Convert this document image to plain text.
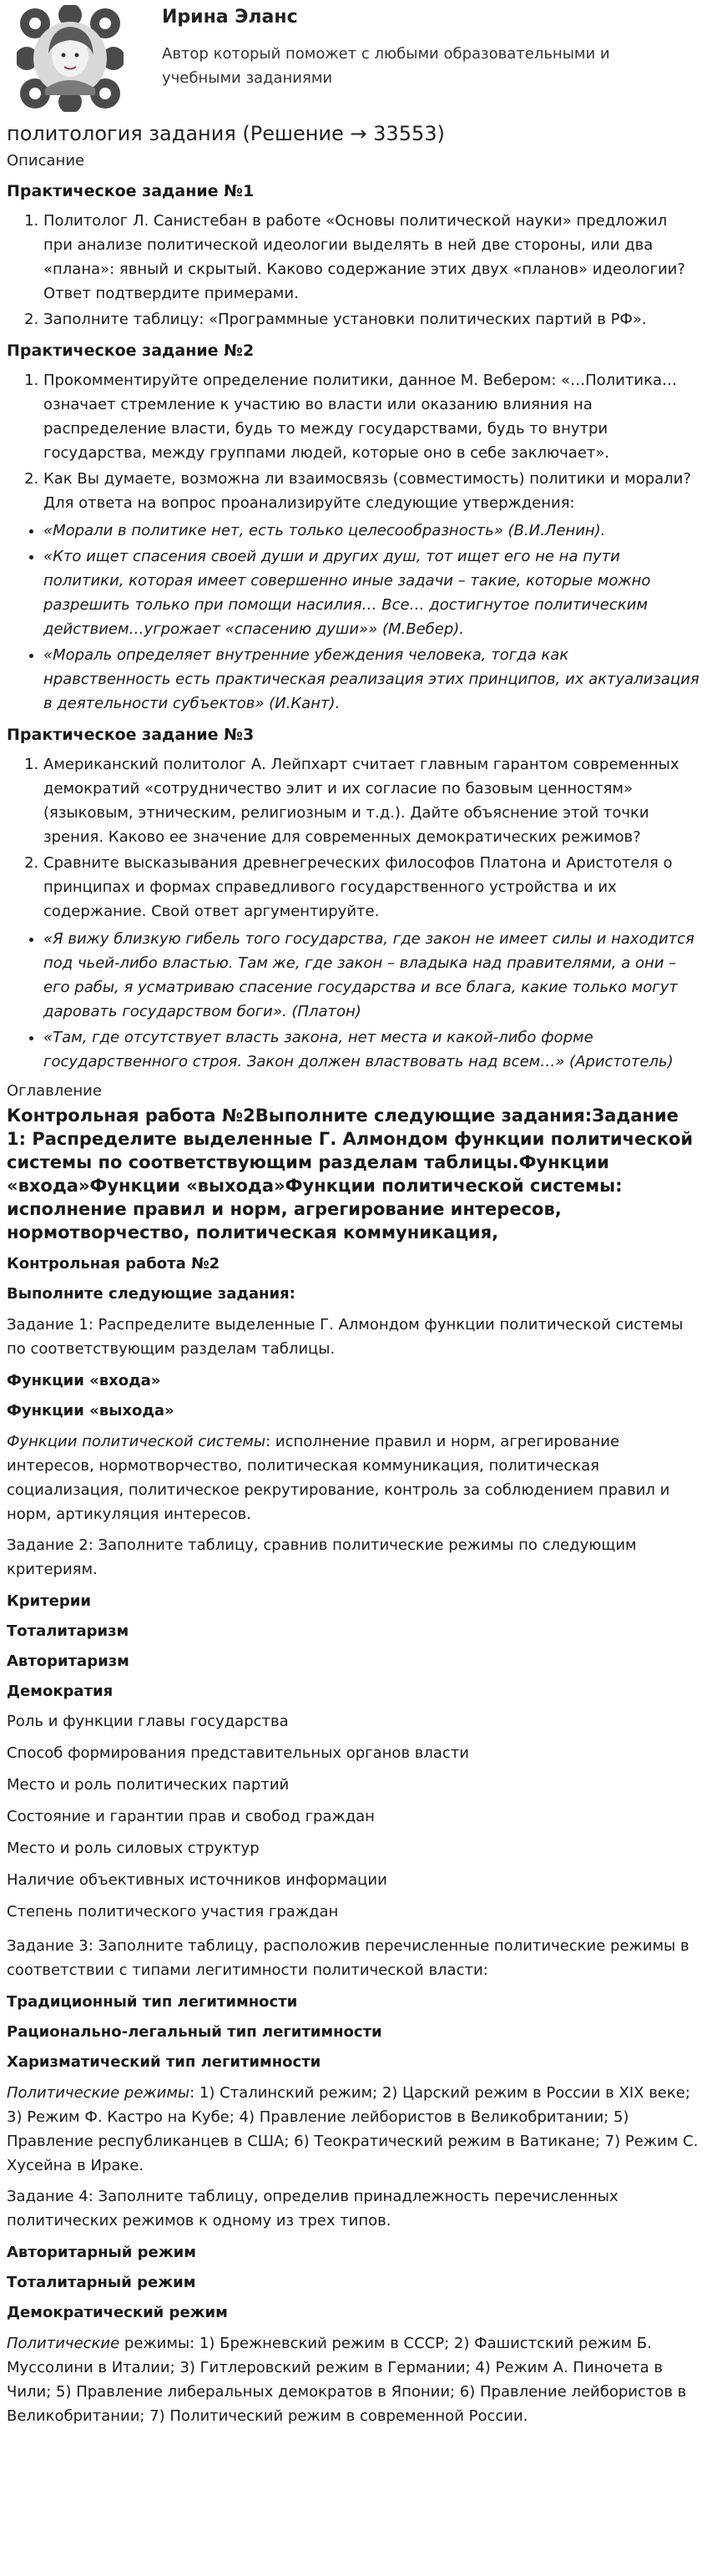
Ирина Эланс
Автор который поможет с любыми образовательными и учебными заданиями
политология задания (Решение → 33553)
Описание
Практическое задание №1
1. Политолог Л. Санистебан в работе «Основы политической науки» предложил при анализе политической идеологии выделять в ней две стороны, или два «плана»: явный и скрытый. Каково содержание этих двух «планов» идеологии? Ответ подтвердите примерами.
2. Заполните таблицу: «Программные установки политических партий в РФ».
Практическое задание №2
1. Прокомментируйте определение политики, данное М. Вебером: «…Политика… означает стремление к участию во власти или оказанию влияния на распределение власти, будь то между государствами, будь то внутри государства, между группами людей, которые оно в себе заключает».
2. Как Вы думаете, возможна ли взаимосвязь (совместимость) политики и морали? Для ответа на вопрос проанализируйте следующие утверждения:
• «Морали в политике нет, есть только целесообразность» (В.И.Ленин).
• «Кто ищет спасения своей души и других душ, тот ищет его не на пути политики, которая имеет совершенно иные задачи – такие, которые можно разрешить только при помощи насилия… Все… достигнутое политическим действием…угрожает «спасению души»» (М.Вебер).
• «Мораль определяет внутренние убеждения человека, тогда как нравственность есть практическая реализация этих принципов, их актуализация в деятельности субъектов» (И.Кант).
Практическое задание №3
1. Американский политолог А. Лейпхарт считает главным гарантом современных демократий «сотрудничество элит и их согласие по базовым ценностям» (языковым, этническим, религиозным и т.д.). Дайте объяснение этой точки зрения. Каково ее значение для современных демократических режимов?
2. Сравните высказывания древнегреческих философов Платона и Аристотеля о принципах и формах справедливого государственного устройства и их содержание. Свой ответ аргументируйте.
• «Я вижу близкую гибель того государства, где закон не имеет силы и находится под чьей-либо властью. Там же, где закон – владыка над правителями, а они – его рабы, я усматриваю спасение государства и все блага, какие только могут даровать государством боги». (Платон)
• «Там, где отсутствует власть закона, нет места и какой-либо форме государственного строя. Закон должен властвовать над всем…» (Аристотель)
Оглавление
Контрольная работа №2Выполните следующие задания:Задание 1: Распределите выделенные Г. Алмондом функции политической системы по соответствующим разделам таблицы.Функции «входа»Функции «выхода»Функции политической системы: исполнение правил и норм, агрегирование интересов, нормотворчество, политическая коммуникация,
Контрольная работа №2
Выполните следующие задания:

Задание 1: Распределите выделенные Г. Алмондом функции политической системы по соответствующим разделам таблицы.

Функции «входа»
Функции «выхода»

Функции политической системы: исполнение правил и норм, агрегирование интересов, нормотворчество, политическая коммуникация, политическая социализация, политическое рекрутирование, контроль за соблюдением правил и норм, артикуляция интересов.

Задание 2: Заполните таблицу, сравнив политические режимы по следующим критериям.

Критерии
Тоталитаризм
Авторитаризм
Демократия

Роль и функции главы государства

Способ формирования представительных органов власти

Место и роль политических партий

Состояние и гарантии прав и свобод граждан

Место и роль силовых структур

Наличие объективных источников информации

Степень политического участия граждан

Задание 3: Заполните таблицу, расположив перечисленные политические режимы в соответствии с типами легитимности политической власти:

Традиционный тип легитимности
Рационально-легальный тип легитимности
Харизматический тип легитимности

Политические режимы: 1) Сталинский режим; 2) Царский режим в России в XIX веке; 3) Режим Ф. Кастро на Кубе; 4) Правление лейбористов в Великобритании; 5) Правление республиканцев в США; 6) Теократический режим в Ватикане; 7) Режим С. Хусейна в Ираке.

Задание 4: Заполните таблицу, определив принадлежность перечисленных политических режимов к одному из трех типов.

Авторитарный режим
Тоталитарный режим
Демократический режим

Политические режимы: 1) Брежневский режим в СССР; 2) Фашистский режим Б. Муссолини в Италии; 3) Гитлеровский режим в Германии; 4) Режим А. Пиночета в Чили; 5) Правление либеральных демократов в Японии; 6) Правление лейбористов в Великобритании; 7) Политический режим в современной России.
